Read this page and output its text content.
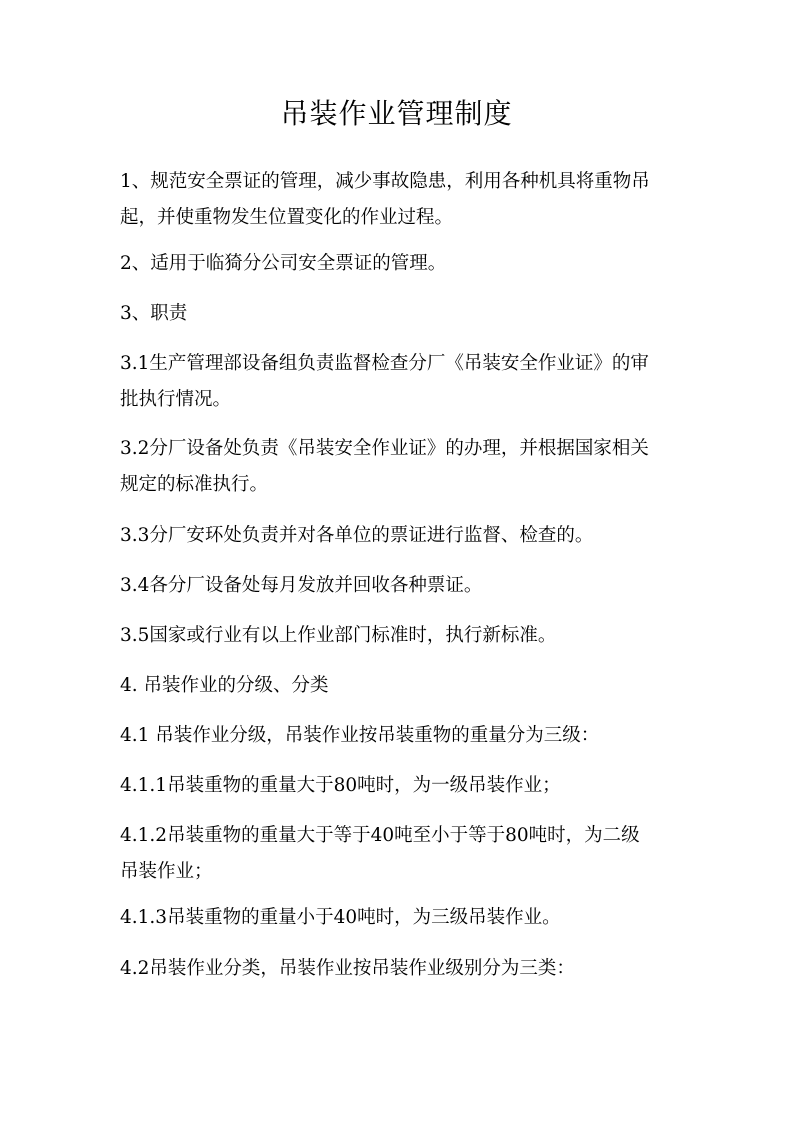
吊装作业管理制度

1、规范安全票证的管理，减少事故隐患，利用各种机具将重物吊
起，并使重物发生位置变化的作业过程。

2、适用于临猗分公司安全票证的管理。

3、职责

3.1生产管理部设备组负责监督检查分厂《吊装安全作业证》的审
批执行情况。

3.2分厂设备处负责《吊装安全作业证》的办理，并根据国家相关
规定的标准执行。

3.3分厂安环处负责并对各单位的票证进行监督、检查的。

3.4各分厂设备处每月发放并回收各种票证。

3.5国家或行业有以上作业部门标准时，执行新标准。

4. 吊装作业的分级、分类

4.1 吊装作业分级，吊装作业按吊装重物的重量分为三级：

4.1.1吊装重物的重量大于80吨时，为一级吊装作业；

4.1.2吊装重物的重量大于等于40吨至小于等于80吨时，为二级
吊装作业；

4.1.3吊装重物的重量小于40吨时，为三级吊装作业。

4.2吊装作业分类，吊装作业按吊装作业级别分为三类：
